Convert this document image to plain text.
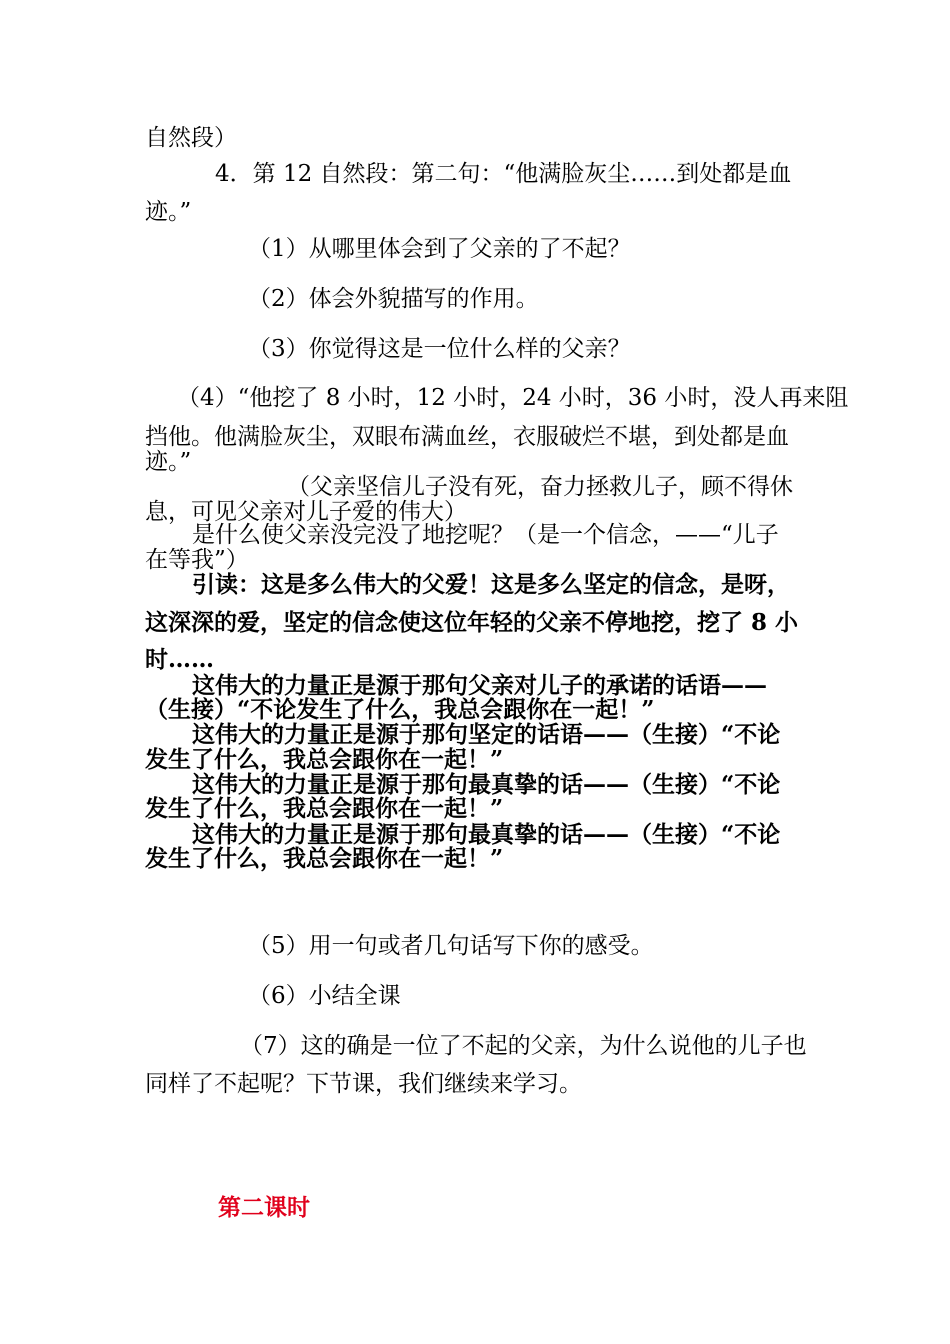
自然段）
4．第 12 自然段：第二句：“他满脸灰尘……到处都是血
迹。”
（1）从哪里体会到了父亲的了不起？
（2）体会外貌描写的作用。
（3）你觉得这是一位什么样的父亲？
（4）“他挖了 8 小时，12 小时，24 小时，36 小时，没人再来阻
挡他。他满脸灰尘，双眼布满血丝，衣服破烂不堪，到处都是血
迹。”
（父亲坚信儿子没有死，奋力拯救儿子，顾不得休
息，可见父亲对儿子爱的伟大）
是什么使父亲没完没了地挖呢？（是一个信念，——“儿子
在等我”）
引读：这是多么伟大的父爱！这是多么坚定的信念，是呀，
这深深的爱，坚定的信念使这位年轻的父亲不停地挖，挖了 8 小
时……
这伟大的力量正是源于那句父亲对儿子的承诺的话语——
（生接）“不论发生了什么，我总会跟你在一起！”
这伟大的力量正是源于那句坚定的话语——（生接）“不论
发生了什么，我总会跟你在一起！”
这伟大的力量正是源于那句最真挚的话——（生接）“不论
发生了什么，我总会跟你在一起！”
这伟大的力量正是源于那句最真挚的话——（生接）“不论
发生了什么，我总会跟你在一起！”
（5）用一句或者几句话写下你的感受。
（6）小结全课
（7）这的确是一位了不起的父亲，为什么说他的儿子也
同样了不起呢？下节课，我们继续来学习。
第二课时
